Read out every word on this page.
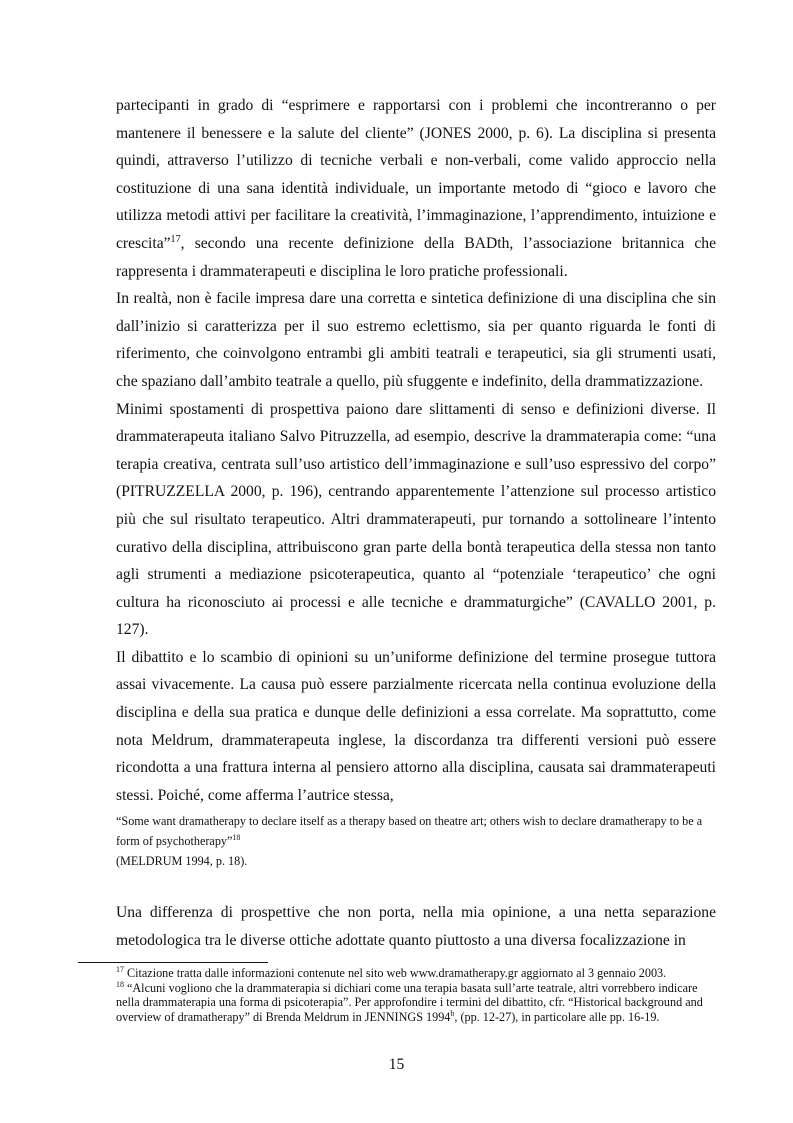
partecipanti in grado di “esprimere e rapportarsi con i problemi che incontreranno o per mantenere il benessere e la salute del cliente” (JONES 2000, p. 6). La disciplina si presenta quindi, attraverso l’utilizzo di tecniche verbali e non-verbali, come valido approccio nella costituzione di una sana identità individuale, un importante metodo di “gioco e lavoro che utilizza metodi attivi per facilitare la creatività, l’immaginazione, l’apprendimento, intuizione e crescita”$^{17}$, secondo una recente definizione della BADth, l’associazione britannica che rappresenta i drammaterapeuti e disciplina le loro pratiche professionali.

In realtà, non è facile impresa dare una corretta e sintetica definizione di una disciplina che sin dall’inizio si caratterizza per il suo estremo eclettismo, sia per quanto riguarda le fonti di riferimento, che coinvolgono entrambi gli ambiti teatrali e terapeutici, sia gli strumenti usati, che spaziano dall’ambito teatrale a quello, più sfuggente e indefinito, della drammatizzazione.

Minimi spostamenti di prospettiva paiono dare slittamenti di senso e definizioni diverse. Il drammaterapeuta italiano Salvo Pitruzzella, ad esempio, descrive la drammaterapia come: “una terapia creativa, centrata sull’uso artistico dell’immaginazione e sull’uso espressivo del corpo” (PITRUZZELLA 2000, p. 196), centrando apparentemente l’attenzione sul processo artistico più che sul risultato terapeutico. Altri drammaterapeuti, pur tornando a sottolineare l’intento curativo della disciplina, attribuiscono gran parte della bontà terapeutica della stessa non tanto agli strumenti a mediazione psicoterapeutica, quanto al “potenziale ‘terapeutico’ che ogni cultura ha riconosciuto ai processi e alle tecniche e drammaturgiche” (CAVALLO 2001, p. 127).

Il dibattito e lo scambio di opinioni su un’uniforme definizione del termine prosegue tuttora assai vivacemente. La causa può essere parzialmente ricercata nella continua evoluzione della disciplina e della sua pratica e dunque delle definizioni a essa correlate. Ma soprattutto, come nota Meldrum, drammaterapeuta inglese, la discordanza tra differenti versioni può essere ricondotta a una frattura interna al pensiero attorno alla disciplina, causata sai drammaterapeuti stessi. Poiché, come afferma l’autrice stessa,

“Some want dramatherapy to declare itself as a therapy based on theatre art; others wish to declare dramatherapy to be a form of psychotherapy”$^{18}$

(MELDRUM 1994, p. 18).

Una differenza di prospettive che non porta, nella mia opinione, a una netta separazione metodologica tra le diverse ottiche adottate quanto piuttosto a una diversa focalizzazione in

$^{17}$ Citazione tratta dalle informazioni contenute nel sito web www.dramatherapy.gr aggiornato al 3 gennaio 2003.

$^{18}$ “Alcuni vogliono che la drammaterapia si dichiari come una terapia basata sull’arte teatrale, altri vorrebbero indicare nella drammaterapia una forma di psicoterapia”. Per approfondire i termini del dibattito, cfr. “Historical background and overview of dramatherapy” di Brenda Meldrum in JENNINGS 1994$^b$, (pp. 12-27), in particolare alle pp. 16-19.

15
